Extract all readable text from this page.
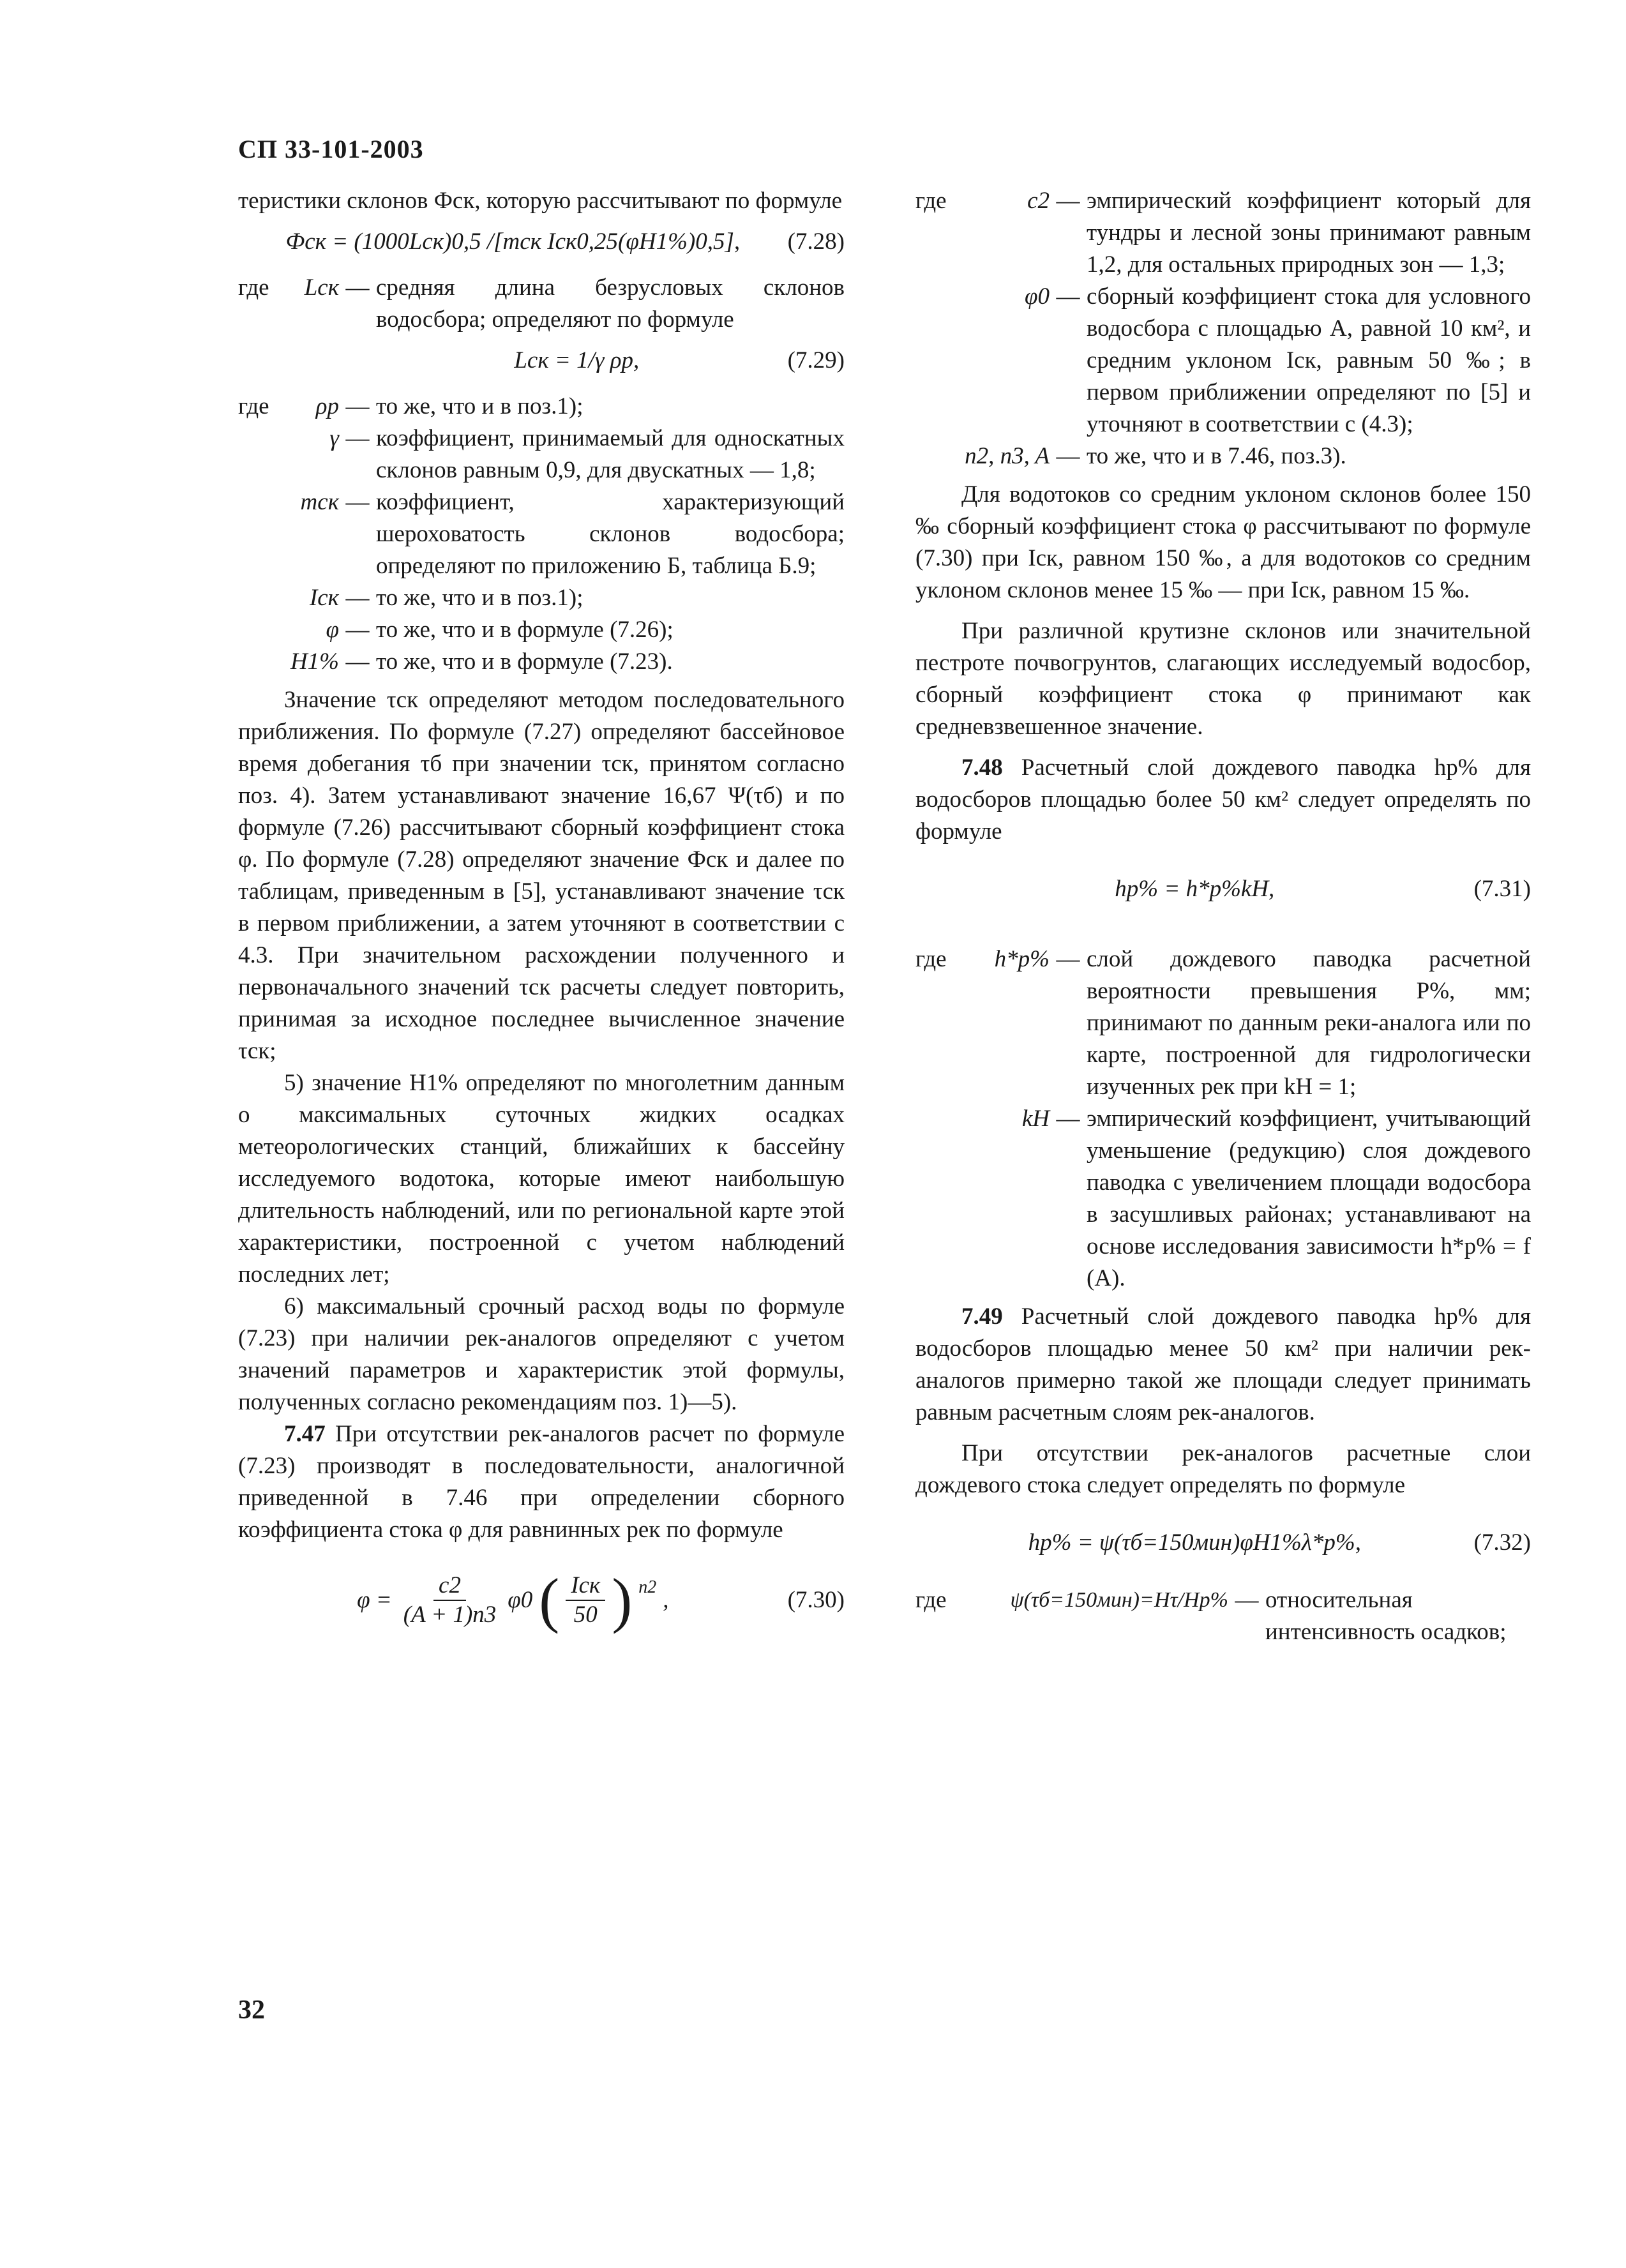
СП 33-101-2003

теристики склонов Фск, которую рассчитывают по формуле

Фск = (1000Lск)0,5 /[mск Iск0,25(φH1%)0,5],	(7.28)
где	Lск — средняя длина безрусловых склонов водосбора; определяют по формуле
Lск = 1/γ ρр,	(7.29)
где	ρр — то же, что и в поз.1);
γ — коэффициент, принимаемый для односкатных склонов равным 0,9, для двускатных — 1,8;
mск — коэффициент, характеризующий шероховатость склонов водосбора; определяют по приложению Б, таблица Б.9;
Iск — то же, что и в поз.1);
φ — то же, что и в формуле (7.26);
H1% — то же, что и в формуле (7.23).

Значение τск определяют методом последовательного приближения. По формуле (7.27) определяют бассейновое время добегания τб при значении τск, принятом согласно поз. 4). Затем устанавливают значение 16,67 Ψ(τб) и по формуле (7.26) рассчитывают сборный коэффициент стока φ. По формуле (7.28) определяют значение Фск и далее по таблицам, приведенным в [5], устанавливают значение τск в первом приближении, а затем уточняют в соответствии с 4.3. При значительном расхождении полученного и первоначального значений τск расчеты следует повторить, принимая за исходное последнее вычисленное значение τск;

5) значение H1% определяют по многолетним данным о максимальных суточных жидких осадках метеорологических станций, ближайших к бассейну исследуемого водотока, которые имеют наибольшую длительность наблюдений, или по региональной карте этой характеристики, построенной с учетом наблюдений последних лет;

6) максимальный срочный расход воды по формуле (7.23) при наличии рек-аналогов определяют с учетом значений параметров и характеристик этой формулы, полученных согласно рекомендациям поз. 1)—5).

7.47 При отсутствии рек-аналогов расчет по формуле (7.23) производят в последовательности, аналогичной приведенной в 7.46 при определении сборного коэффициента стока φ для равнинных рек по формуле

$\varphi = \frac{c2}{(A + 1)n3} \varphi 0$ ( $\frac{\text{Iск}}{50}$ ) n2 ,	(7.30)
где	c2 — эмпирический коэффициент который для тундры и лесной зоны принимают равным 1,2, для остальных природных зон — 1,3;
φ0 — сборный коэффициент стока для условного водосбора с площадью A, равной 10 км², и средним уклоном Iск, равным 50 ‰; в первом приближении определяют по [5] и уточняют в соответствии с (4.3);
n2, n3, A — то же, что и в 7.46, поз.3).

Для водотоков со средним уклоном склонов более 150 ‰ сборный коэффициент стока φ рассчитывают по формуле (7.30) при Iск, равном 150 ‰, а для водотоков со средним уклоном склонов менее 15 ‰ — при Iск, равном 15 ‰.

При различной крутизне склонов или значительной пестроте почвогрунтов, слагающих исследуемый водосбор, сборный коэффициент стока φ принимают как средневзвешенное значение.

7.48 Расчетный слой дождевого паводка hр% для водосборов площадью более 50 км² следует определять по формуле

hр% = h*р%kH,	(7.31)
где	h*р% — слой дождевого паводка расчетной вероятности превышения P%, мм; принимают по данным реки-аналога или по карте, построенной для гидрологически изученных рек при kH = 1;
kH — эмпирический коэффициент, учитывающий уменьшение (редукцию) слоя дождевого паводка с увеличением площади водосбора в засушливых районах; устанавливают на основе исследования зависимости h*р% = f (A).

7.49 Расчетный слой дождевого паводка hр% для водосборов площадью менее 50 км² при наличии рек-аналогов примерно такой же площади следует принимать равным расчетным слоям рек-аналогов.

При отсутствии рек-аналогов расчетные слои дождевого стока следует определять по формуле

hр% = ψ(τб=150мин)φH1%λ*р%,	(7.32)
где	ψ(τб=150мин)=Hτ/Hр% — относительная интенсивность осадков;
32
